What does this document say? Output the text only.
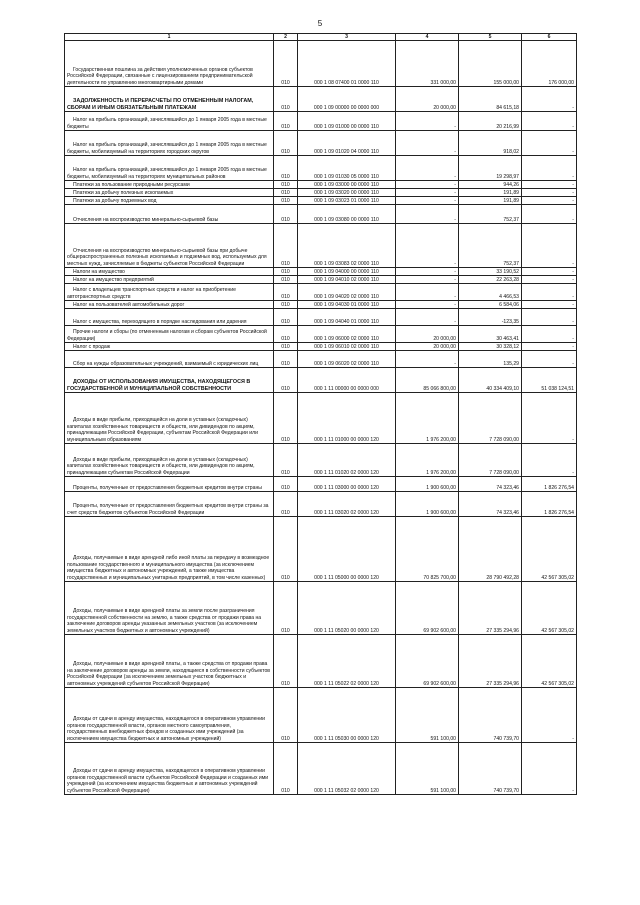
5
1	2	3	4	5	6
Государственная пошлина за действия уполномоченных органов субъектов Российской Федерации, связанные с лицензированием предпринимательской деятельности по управлению многоквартирными домами	010	000 1 08 07400 01 0000 110	331 000,00	155 000,00	176 000,00
ЗАДОЛЖЕННОСТЬ И ПЕРЕРАСЧЕТЫ ПО ОТМЕНЕННЫМ НАЛОГАМ, СБОРАМ И ИНЫМ ОБЯЗАТЕЛЬНЫМ ПЛАТЕЖАМ	010	000 1 09 00000 00 0000 000	20 000,00	84 615,18	-
Налог на прибыль организаций, зачислявшийся до 1 января 2005 года в местные бюджеты	010	000 1 09 01000 00 0000 110	-	20 216,99	-
Налог на прибыль организаций, зачислявшийся до 1 января 2005 года в местные бюджеты, мобилизуемый на территориях городских округов	010	000 1 09 01020 04 0000 110	-	918,02	-
Налог на прибыль организаций, зачислявшийся до 1 января 2005 года в местные бюджеты, мобилизуемый на территориях муниципальных районов	010	000 1 09 01030 05 0000 110	-	19 298,97	-
Платежи за пользование природными ресурсами	010	000 1 09 03000 00 0000 110	-	944,26	-
Платежи за добычу полезных ископаемых	010	000 1 09 03020 00 0000 110	-	191,89	-
Платежи за добычу подземных вод	010	000 1 09 03023 01 0000 110	-	191,89	-
Отчисления на воспроизводство минерально-сырьевой базы	010	000 1 09 03080 00 0000 110	-	752,37	-
Отчисления на воспроизводство минерально-сырьевой базы при добыче общераспространенных полезных ископаемых и подземных вод, используемых для местных нужд, зачисляемые в бюджеты субъектов Российской Федерации	010	000 1 09 03083 02 0000 110	-	752,37	-
Налоги на имущество	010	000 1 09 04000 00 0000 110	-	33 190,52	-
Налог на имущество предприятий	010	000 1 09 04010 02 0000 110	-	22 263,28	-
Налог с владельцев транспортных средств и налог на приобретение автотранспортных средств	010	000 1 09 04020 02 0000 110	-	4 466,53	-
Налог на пользователей автомобильных дорог	010	000 1 09 04030 01 0000 110	-	6 584,06	-
Налог с имущества, переходящего в порядке наследования или дарения	010	000 1 09 04040 01 0000 110	-	-123,35	-
Прочие налоги и сборы (по отмененным налогам и сборам субъектов Российской Федерации)	010	000 1 09 06000 02 0000 110	20 000,00	30 463,41	-
Налог с продаж	010	000 1 09 06010 02 0000 110	20 000,00	30 328,12	-
Сбор на нужды образовательных учреждений, взимаемый с юридических лиц	010	000 1 09 06020 02 0000 110	-	135,29	-
ДОХОДЫ ОТ ИСПОЛЬЗОВАНИЯ ИМУЩЕСТВА, НАХОДЯЩЕГОСЯ В ГОСУДАРСТВЕННОЙ И МУНИЦИПАЛЬНОЙ СОБСТВЕННОСТИ	010	000 1 11 00000 00 0000 000	85 066 800,00	40 334 409,10	51 038 124,51
Доходы в виде прибыли, приходящейся на доли в уставных (складочных) капиталах хозяйственных товариществ и обществ, или дивидендов по акциям, принадлежащим Российской Федерации, субъектам Российской Федерации или муниципальным образованиям	010	000 1 11 01000 00 0000 120	1 976 200,00	7 728 090,00	-
Доходы в виде прибыли, приходящейся на доли в уставных (складочных) капиталах хозяйственных товариществ и обществ, или дивидендов по акциям, принадлежащим субъектам Российской Федерации	010	000 1 11 01020 02 0000 120	1 976 200,00	7 728 090,00	-
Проценты, полученные от предоставления бюджетных кредитов внутри страны	010	000 1 11 03000 00 0000 120	1 900 600,00	74 323,46	1 826 276,54
Проценты, полученные от предоставления бюджетных кредитов внутри страны за счет средств бюджетов субъектов Российской Федерации	010	000 1 11 03020 02 0000 120	1 900 600,00	74 323,46	1 826 276,54
Доходы, получаемые в виде арендной либо иной платы за передачу в возмездное пользование государственного и муниципального имущества (за исключением имущества бюджетных и автономных учреждений, а также имущества государственных и муниципальных унитарных предприятий, в том числе казенных)	010	000 1 11 05000 00 0000 120	70 825 700,00	28 790 492,28	42 567 305,02
Доходы, получаемые в виде арендной платы за земли после разграничения государственной собственности на землю, а также средства от продажи права на заключение договоров аренды указанных земельных участков (за исключением земельных участков бюджетных и автономных учреждений)	010	000 1 11 05020 00 0000 120	69 902 600,00	27 335 294,96	42 567 305,02
Доходы, получаемые в виде арендной платы, а также средства от продажи права на заключение договоров аренды за земли, находящиеся в собственности субъектов Российской Федерации (за исключением земельных участков бюджетных и автономных учреждений субъектов Российской Федерации)	010	000 1 11 05022 02 0000 120	69 902 600,00	27 335 294,96	42 567 305,02
Доходы от сдачи в аренду имущества, находящегося в оперативном управлении органов государственной власти, органов местного самоуправления, государственных внебюджетных фондов и созданных ими учреждений (за исключением имущества бюджетных и автономных учреждений)	010	000 1 11 05030 00 0000 120	591 100,00	740 739,70	-
Доходы от сдачи в аренду имущества, находящегося в оперативном управлении органов государственной власти субъектов Российской Федерации и созданных ими учреждений (за исключением имущества бюджетных и автономных учреждений субъектов Российской Федерации)	010	000 1 11 05032 02 0000 120	591 100,00	740 739,70	-
